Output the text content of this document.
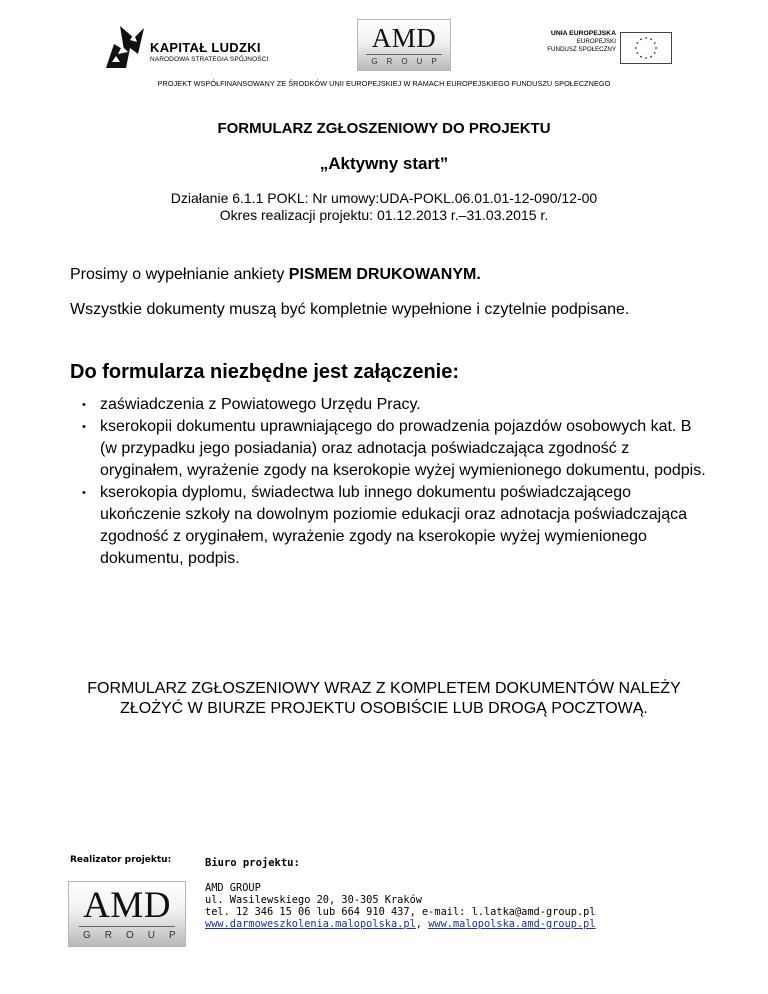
KAPITAŁ LUDZKI
NARODOWA STRATEGIA SPÓJNOŚCI
AMD
GROUP
UNIA EUROPEJSKA
EUROPEJSKI
FUNDUSZ SPOŁECZNY
PROJEKT WSPÓŁFINANSOWANY ZE ŚRODKÓW UNII EUROPEJSKIEJ W RAMACH EUROPEJSKIEGO FUNDUSZU SPOŁECZNEGO
FORMULARZ ZGŁOSZENIOWY DO PROJEKTU
„Aktywny start”
Działanie 6.1.1 POKL: Nr umowy:UDA-POKL.06.01.01-12-090/12-00
Okres realizacji projektu: 01.12.2013 r.–31.03.2015 r.
Prosimy o wypełnianie ankiety PISMEM DRUKOWANYM.
Wszystkie dokumenty muszą być kompletnie wypełnione i czytelnie podpisane.
Do formularza niezbędne jest załączenie:
• zaświadczenia z Powiatowego Urzędu Pracy.
• kserokopii dokumentu uprawniającego do prowadzenia pojazdów osobowych kat. B (w przypadku jego posiadania) oraz adnotacja poświadczająca zgodność z oryginałem, wyrażenie zgody na kserokopie wyżej wymienionego dokumentu, podpis.
• kserokopia dyplomu, świadectwa lub innego dokumentu poświadczającego ukończenie szkoły na dowolnym poziomie edukacji oraz adnotacja poświadczająca zgodność z oryginałem, wyrażenie zgody na kserokopie wyżej wymienionego dokumentu, podpis.
FORMULARZ ZGŁOSZENIOWY WRAZ Z KOMPLETEM DOKUMENTÓW NALEŻY ZŁOŻYĆ W BIURZE PROJEKTU OSOBIŚCIE LUB DROGĄ POCZTOWĄ.
Realizator projektu:	Biuro projektu:
AMD
GROUP
AMD GROUP
ul. Wasilewskiego 20, 30-305 Kraków
tel. 12 346 15 06 lub 664 910 437, e-mail: l.latka@amd-group.pl
www.darmoweszkolenia.malopolska.pl, www.malopolska.amd-group.pl
